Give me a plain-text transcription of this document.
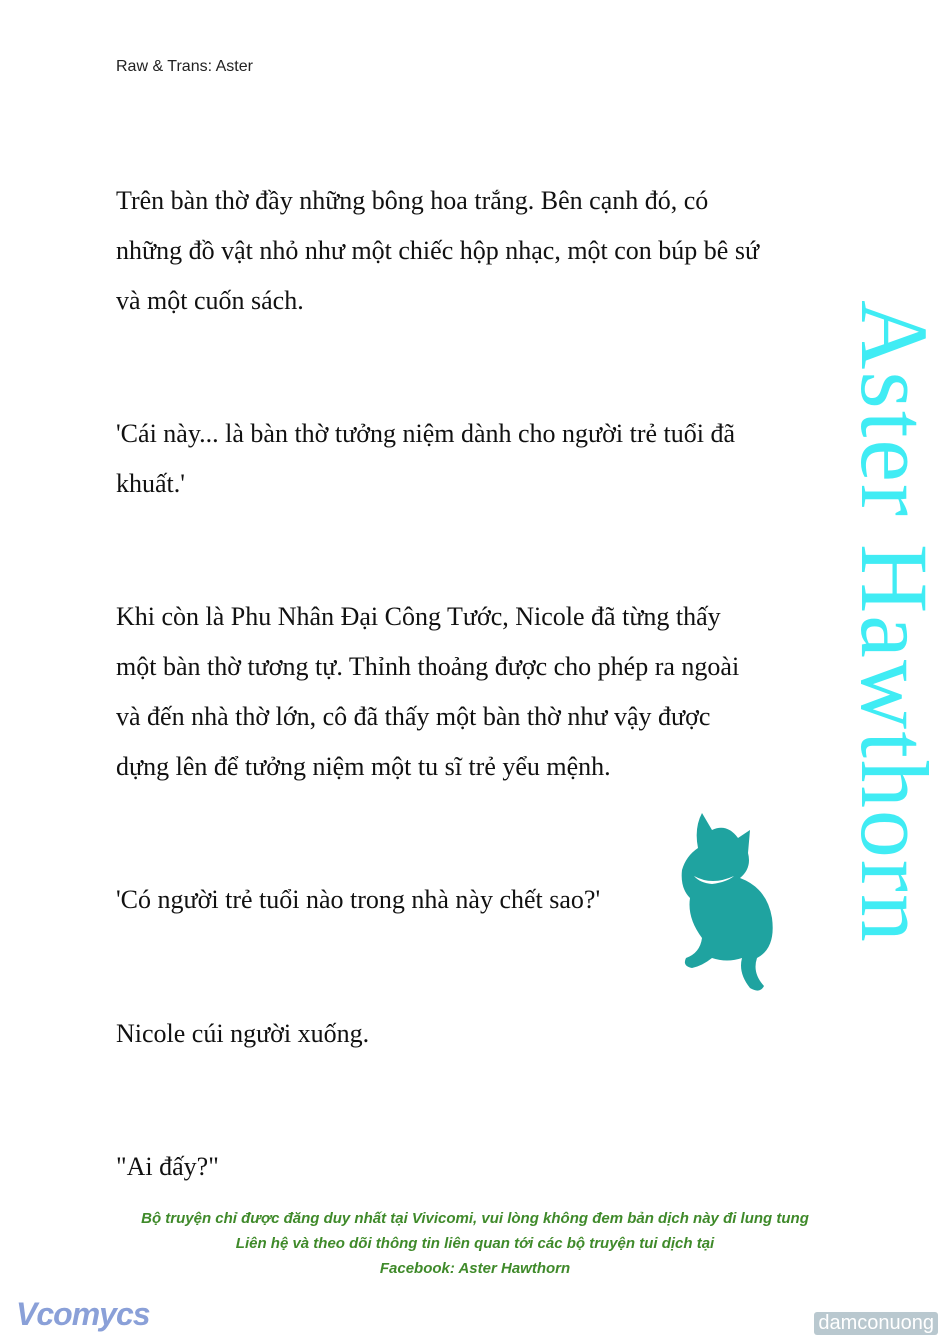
Raw & Trans: Aster
Aster Hawthorn
Trên bàn thờ đầy những bông hoa trắng. Bên cạnh đó, có
những đồ vật nhỏ như một chiếc hộp nhạc, một con búp bê sứ
và một cuốn sách.
'Cái này... là bàn thờ tưởng niệm dành cho người trẻ tuổi đã
khuất.'
Khi còn là Phu Nhân Đại Công Tước, Nicole đã từng thấy
một bàn thờ tương tự. Thỉnh thoảng được cho phép ra ngoài
và đến nhà thờ lớn, cô đã thấy một bàn thờ như vậy được
dựng lên để tưởng niệm một tu sĩ trẻ yểu mệnh.
'Có người trẻ tuổi nào trong nhà này chết sao?'
Nicole cúi người xuống.
"Ai đấy?"
Bộ truyện chỉ được đăng duy nhất tại Vivicomi, vui lòng không đem bản dịch này đi lung tung
Liên hệ và theo dõi thông tin liên quan tới các bộ truyện tui dịch tại
Facebook: Aster Hawthorn
Vcomycs	damconuong
